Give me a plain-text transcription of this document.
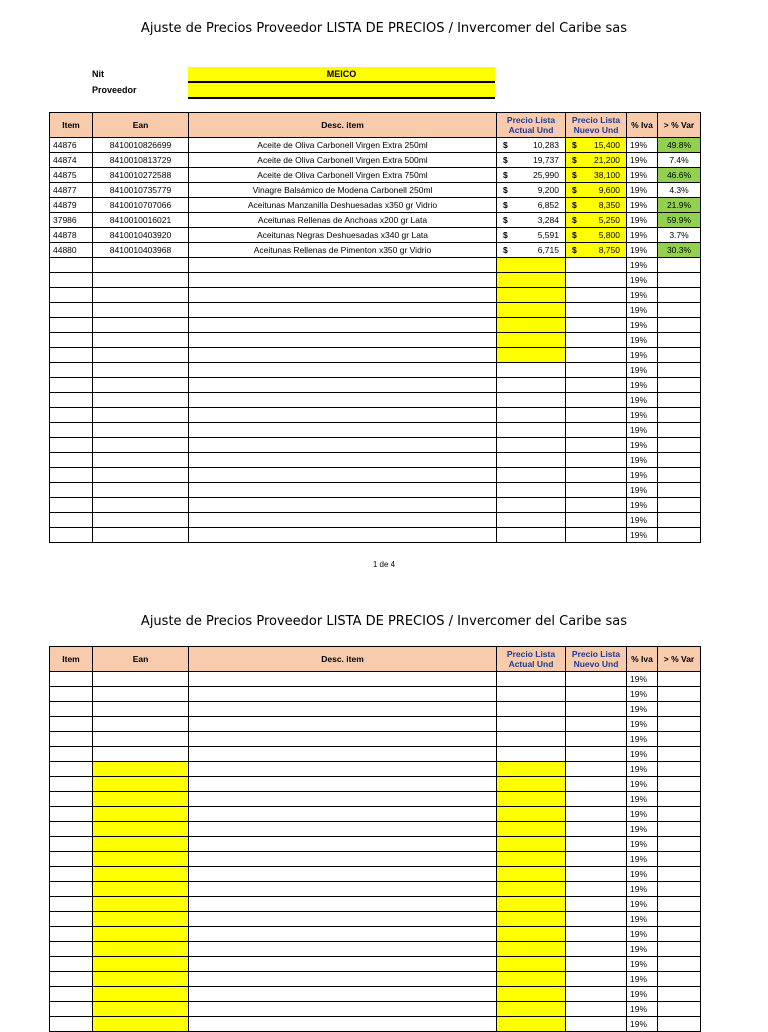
Ajuste de Precios Proveedor LISTA DE PRECIOS / Invercomer del Caribe sas
Nit	MEICO
Proveedor
Item	Ean	Desc. item	Precio Lista Actual Und	Precio Lista Nuevo Und	% Iva	> % Var
44876	8410010826699	Aceite de Oliva Carbonell Virgen Extra 250ml	$ 10,283	$ 15,400	19%	49.8%
44874	8410010813729	Aceite de Oliva Carbonell Virgen Extra 500ml	$ 19,737	$ 21,200	19%	7.4%
44875	8410010272588	Aceite de Oliva Carbonell Virgen Extra 750ml	$ 25,990	$ 38,100	19%	46.6%
44877	8410010735779	Vinagre Balsámico de Modena Carbonell 250ml	$ 9,200	$ 9,600	19%	4.3%
44879	8410010707066	Aceitunas Manzanilla Deshuesadas x350 gr Vidrio	$ 6,852	$ 8,350	19%	21.9%
37986	8410010016021	Aceitunas Rellenas de Anchoas x200 gr Lata	$ 3,284	$ 5,250	19%	59.9%
44878	8410010403920	Aceitunas Negras Deshuesadas x340 gr Lata	$ 5,591	$ 5,800	19%	3.7%
44880	8410010403968	Aceitunas Rellenas de Pimenton x350 gr Vidrio	$ 6,715	$ 8,750	19%	30.3%
					19%	
					19%	
					19%	
					19%	
					19%	
					19%	
					19%	
					19%	
					19%	
					19%	
					19%	
					19%	
					19%	
					19%	
					19%	
					19%	
					19%	
					19%	
					19%	
1 de 4
Ajuste de Precios Proveedor LISTA DE PRECIOS / Invercomer del Caribe sas
Item	Ean	Desc. item	Precio Lista Actual Und	Precio Lista Nuevo Und	% Iva	> % Var
					19%	
					19%	
					19%	
					19%	
					19%	
					19%	
					19%	
					19%	
					19%	
					19%	
					19%	
					19%	
					19%	
					19%	
					19%	
					19%	
					19%	
					19%	
					19%	
					19%	
					19%	
					19%	
					19%	
					19%	
